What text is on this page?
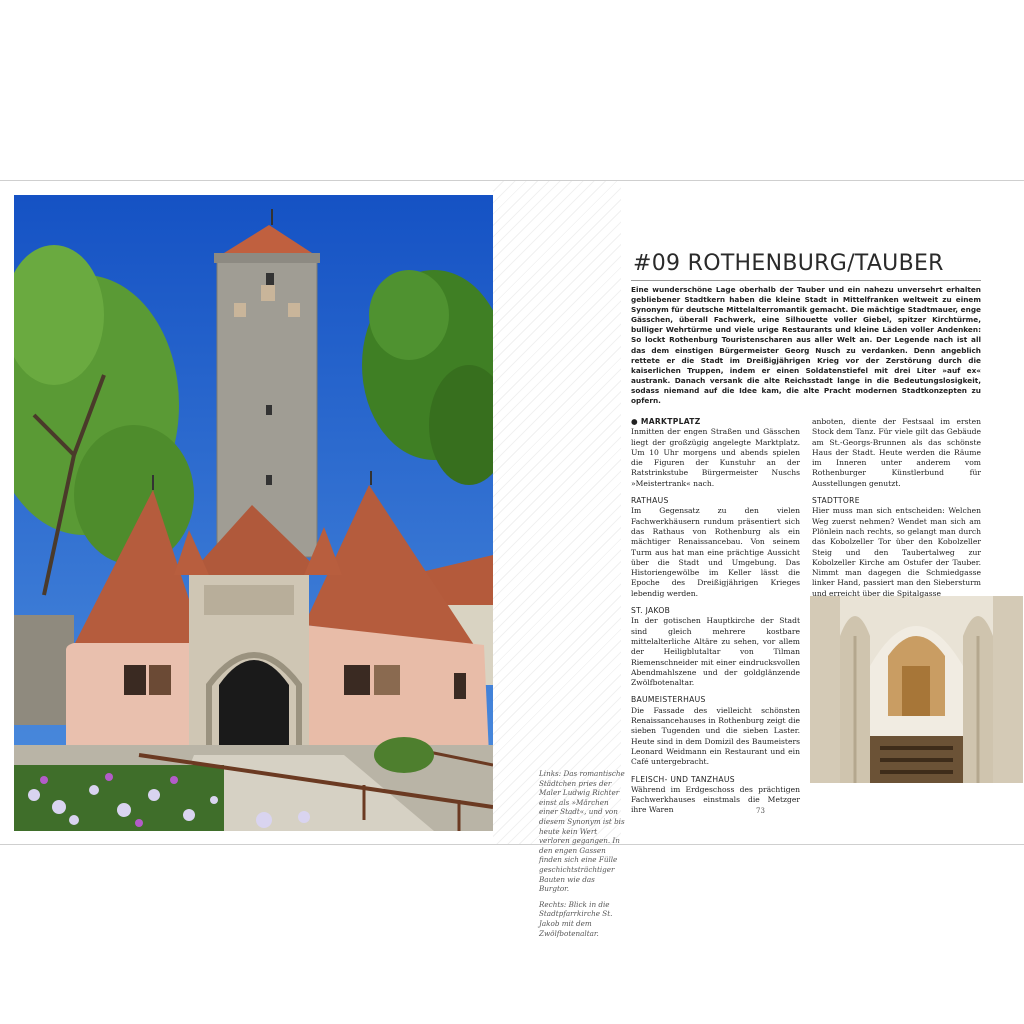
Links: Das romantische Städtchen pries der Maler Ludwig Richter einst als »Märchen einer Stadt«, und von diesem Synonym ist bis heute kein Wert verloren gegangen. In den engen Gassen finden sich eine Fülle geschichtsträchtiger Bauten wie das Burgtor.

Rechts: Blick in die Stadtpfarrkirche St. Jakob mit dem Zwölfbotenaltar.

#09 ROTHENBURG/TAUBER
Eine wunderschöne Lage oberhalb der Tauber und ein nahezu unversehrt erhalten gebliebener Stadtkern haben die kleine Stadt in Mittelfranken weltweit zu einem Synonym für deutsche Mittelalterromantik gemacht. Die mächtige Stadtmauer, enge Gässchen, überall Fachwerk, eine Silhouette voller Giebel, spitzer Kirchtürme, bulliger Wehrtürme und viele urige Restaurants und kleine Läden voller Andenken: So lockt Rothenburg Touristenscharen aus aller Welt an. Der Legende nach ist all das dem einstigen Bürgermeister Georg Nusch zu verdanken. Denn angeblich rettete er die Stadt im Dreißigjährigen Krieg vor der Zerstörung durch die kaiserlichen Truppen, indem er einen Soldatenstiefel mit drei Liter »auf ex« austrank. Danach versank die alte Reichsstadt lange in die Bedeutungslosigkeit, sodass niemand auf die Idee kam, die alte Pracht modernen Stadtkonzepten zu opfern.
● MARKTPLATZ

Inmitten der engen Straßen und Gässchen liegt der großzügig angelegte Marktplatz. Um 10 Uhr morgens und abends spielen die Figuren der Kunstuhr an der Ratstrinkstube Bürgermeister Nuschs »Meistertrank« nach.

RATHAUS

Im Gegensatz zu den vielen Fachwerkhäusern rundum präsentiert sich das Rathaus von Rothenburg als ein mächtiger Renaissancebau. Von seinem Turm aus hat man eine prächtige Aussicht über die Stadt und Umgebung. Das Historiengewölbe im Keller lässt die Epoche des Dreißigjährigen Krieges lebendig werden.

ST. JAKOB

In der gotischen Hauptkirche der Stadt sind gleich mehrere kostbare mittelalterliche Altäre zu sehen, vor allem der Heiligblutaltar von Tilman Riemenschneider mit einer eindrucksvollen Abendmahlszene und der goldglänzende Zwölfbotenaltar.

BAUMEISTERHAUS

Die Fassade des vielleicht schönsten Renaissancehauses in Rothenburg zeigt die sieben Tugenden und die sieben Laster. Heute sind in dem Domizil des Baumeisters Leonard Weidmann ein Restaurant und ein Café untergebracht.

FLEISCH- UND TANZHAUS

Während im Erdgeschoss des prächtigen Fachwerkhauses einstmals die Metzger ihre Waren

anboten, diente der Festsaal im ersten Stock dem Tanz. Für viele gilt das Gebäude am St.-Georgs-Brunnen als das schönste Haus der Stadt. Heute werden die Räume im Inneren unter anderem vom Rothenburger Künstlerbund für Ausstellungen genutzt.

STADTTORE

Hier muss man sich entscheiden: Welchen Weg zuerst nehmen? Wendet man sich am Plönlein nach rechts, so gelangt man durch das Kobolzeller Tor über den Kobolzeller Steig und den Taubertalweg zur Kobolzeller Kirche am Ostufer der Tauber. Nimmt man dagegen die Schmiedgasse linker Hand, passiert man den Siebersturm und erreicht über die Spitalgasse

73
